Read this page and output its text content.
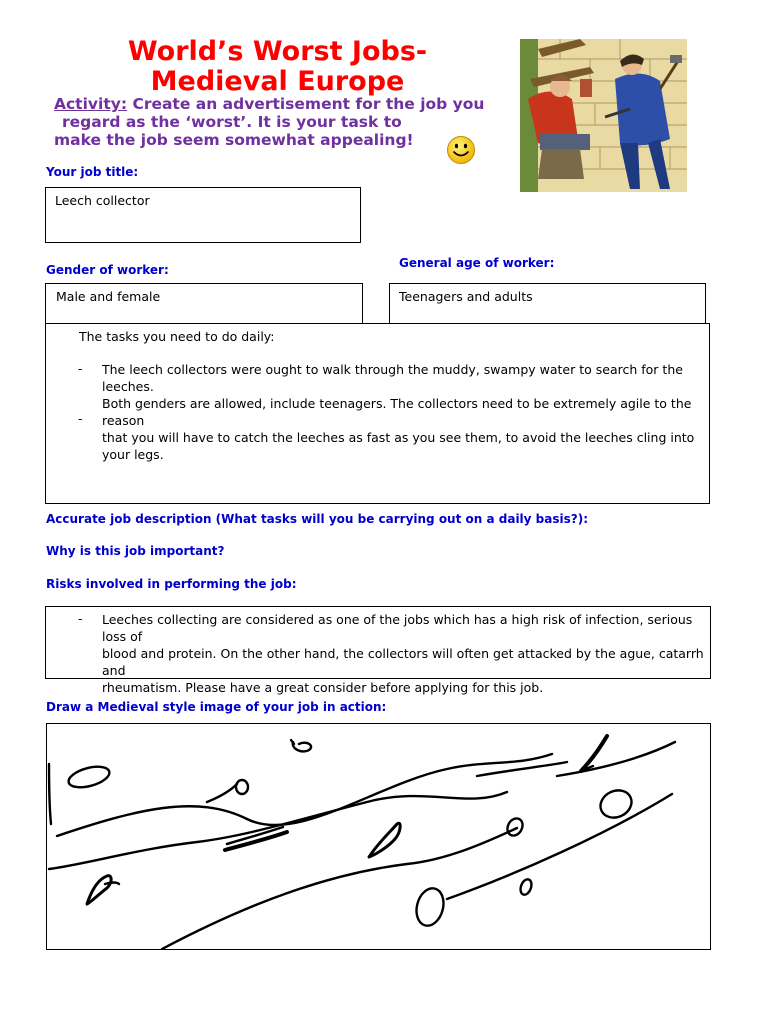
World’s Worst Jobs-
Medieval Europe
Activity: Create an advertisement for the job you
regard as the ‘worst’. It is your task to
make the job seem somewhat appealing!
Your job title:
Leech collector
General age of worker:
Gender of worker:
Male and female	Teenagers and adults
The tasks you need to do daily:
- The leech collectors were ought to walk through the muddy, swampy water to search for the leeches.
Both genders are allowed, include teenagers. The collectors need to be extremely agile to the reason
that you will have to catch the leeches as fast as you see them, to avoid the leeches cling into your legs.
-
Accurate job description (What tasks will you be carrying out on a daily basis?):
Why is this job important?
Risks involved in performing the job:
- Leeches collecting are considered as one of the jobs which has a high risk of infection, serious loss of
blood and protein. On the other hand, the collectors will often get attacked by the ague, catarrh and
rheumatism. Please have a great consider before applying for this job.
Draw a Medieval style image of your job in action:
